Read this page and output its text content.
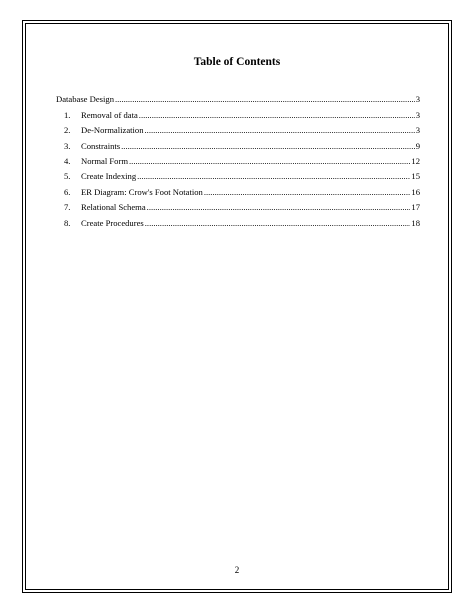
Table of Contents
Database Design .....	3
1.	Removal of data .....	3
2.	De-Normalization .....	3
3.	Constraints .....	9
4.	Normal Form .....	12
5.	Create Indexing .....	15
6.	ER Diagram: Crow's Foot Notation .....	16
7.	Relational Schema .....	17
8.	Create Procedures .....	18
2
